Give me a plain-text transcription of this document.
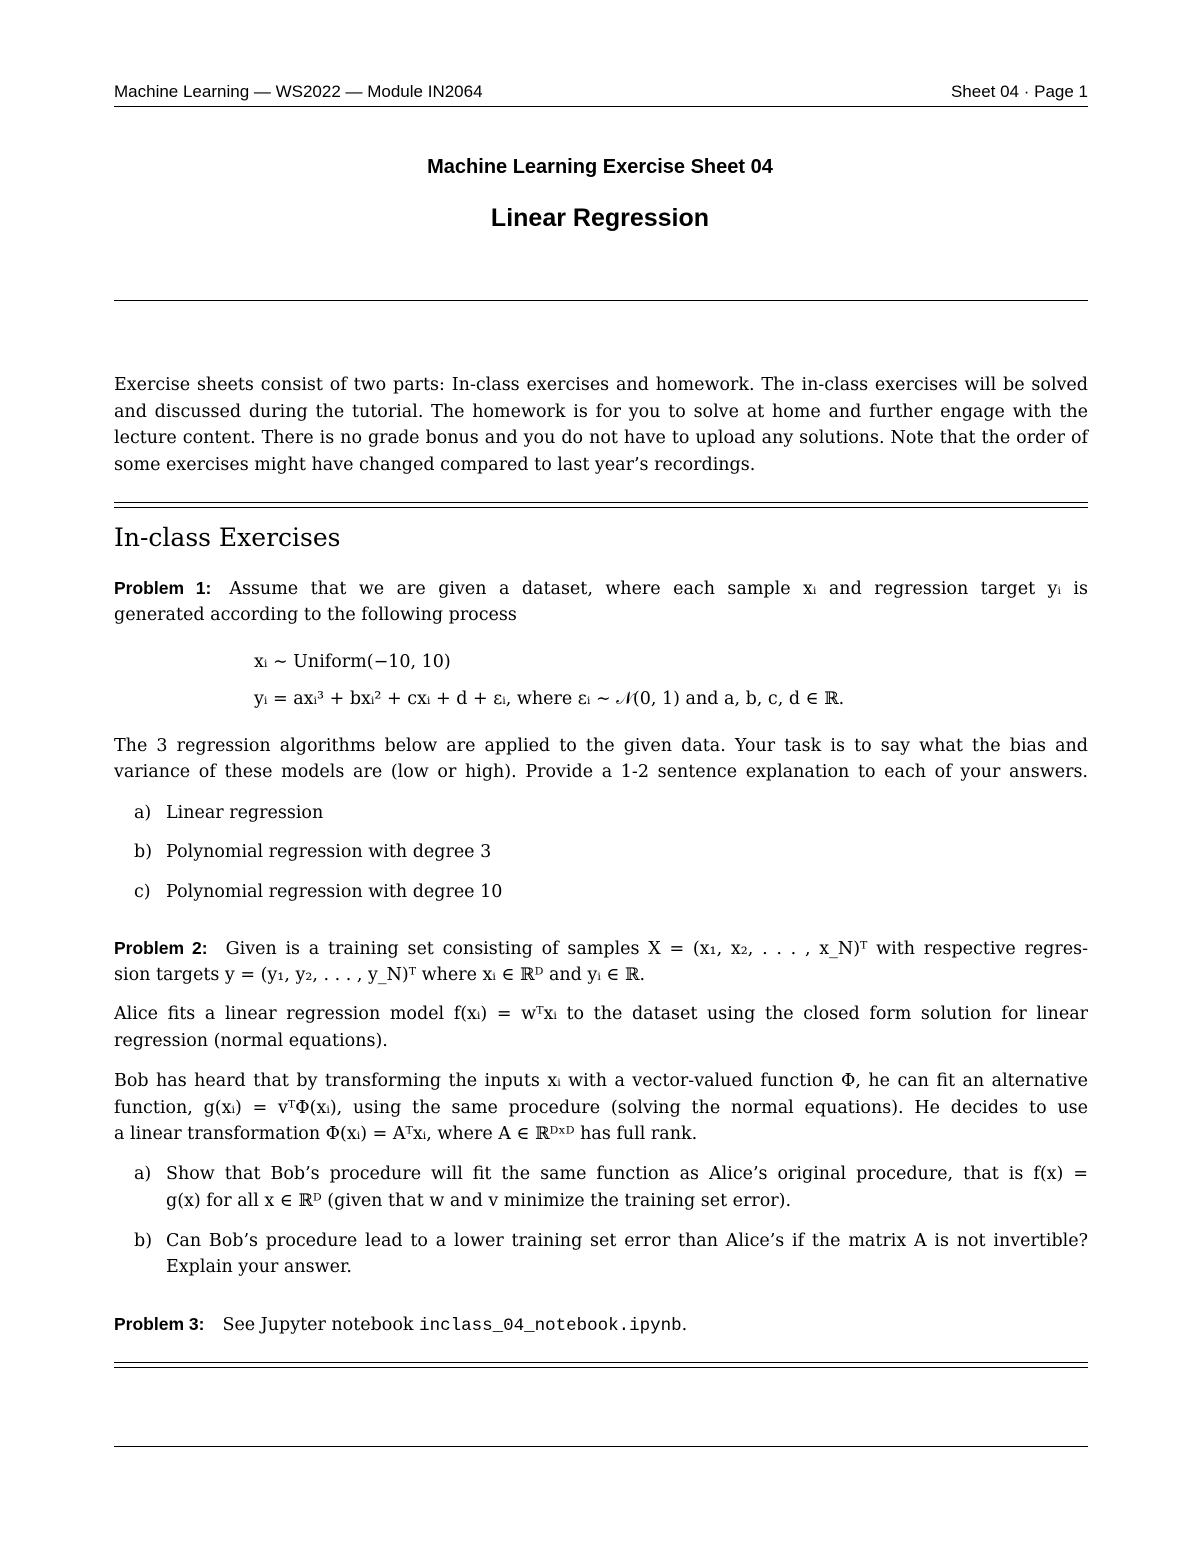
Machine Learning — WS2022 — Module IN2064	Sheet 04 · Page 1
Machine Learning Exercise Sheet 04
Linear Regression
Exercise sheets consist of two parts: In-class exercises and homework. The in-class exercises will be solved and discussed during the tutorial. The homework is for you to solve at home and further engage with the lecture content. There is no grade bonus and you do not have to upload any solutions. Note that the order of some exercises might have changed compared to last year’s recordings.
In-class Exercises
Problem 1: Assume that we are given a dataset, where each sample xᵢ and regression target yᵢ is
generated according to the following process
xᵢ ∼ Uniform(−10, 10)
yᵢ = axᵢ³ + bxᵢ² + cxᵢ + d + εᵢ, where εᵢ ∼ 𝒩(0, 1) and a, b, c, d ∈ ℝ.
The 3 regression algorithms below are applied to the given data. Your task is to say what the bias and
variance of these models are (low or high). Provide a 1-2 sentence explanation to each of your answers.
a) Linear regression
b) Polynomial regression with degree 3
c) Polynomial regression with degree 10
Problem 2: Given is a training set consisting of samples X = (x₁, x₂, . . . , x_N)ᵀ with respective regres-
sion targets y = (y₁, y₂, . . . , y_N)ᵀ where xᵢ ∈ ℝᴰ and yᵢ ∈ ℝ.
Alice fits a linear regression model f(xᵢ) = wᵀxᵢ to the dataset using the closed form solution for linear
regression (normal equations).
Bob has heard that by transforming the inputs xᵢ with a vector-valued function Φ, he can fit an alternative
function, g(xᵢ) = vᵀΦ(xᵢ), using the same procedure (solving the normal equations). He decides to use
a linear transformation Φ(xᵢ) = Aᵀxᵢ, where A ∈ ℝᴰˣᴰ has full rank.
a) Show that Bob’s procedure will fit the same function as Alice’s original procedure, that is f(x) =
g(x) for all x ∈ ℝᴰ (given that w and v minimize the training set error).
b) Can Bob’s procedure lead to a lower training set error than Alice’s if the matrix A is not invertible?
Explain your answer.
Problem 3: See Jupyter notebook inclass_04_notebook.ipynb.
